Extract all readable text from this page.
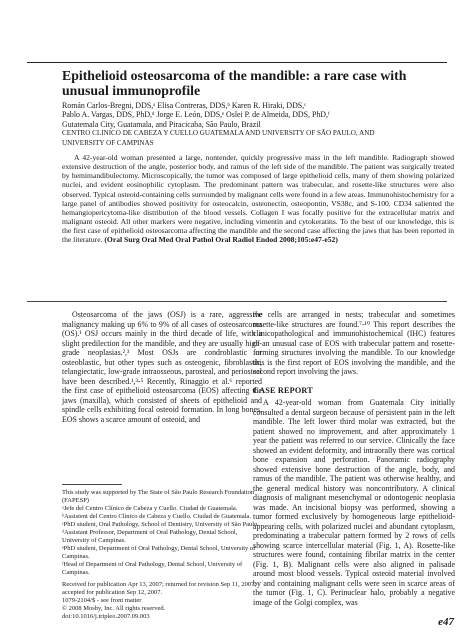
Epithelioid osteosarcoma of the mandible: a rare case with unusual immunoprofile
Román Carlos-Bregni, DDS,ᵃ Elisa Contreras, DDS,ᵇ Karen R. Hiraki, DDS,ᶜ
Pablo A. Vargas, DDS, PhD,ᵈ Jorge E. León, DDS,ᵉ Oslei P. de Almeida, DDS, PhD,ᶠ
Gutatemala City, Guatamala, and Piracicaba, São Paulo, Brazil
CENTRO CLINICO DE CABEZA Y CUELLO GUATEMALA AND UNIVERSITY OF SÃO PAULO, AND
UNIVERSITY OF CAMPINAS
A 42-year-old woman presented a large, nontender, quickly progressive mass in the left mandible. Radiograph showed extensive destruction of the angle, posterior body, and ramus of the left side of the mandible. The patient was surgically treated by hemimandibulectomy. Microscopically, the tumor was composed of large epithelioid cells, many of them showing polarized nuclei, and evident eosinophilic cytoplasm. The predominant pattern was trabecular, and rosette-like structures were also observed. Typical osteoid-containing cells surrounded by malignant cells were found in a few areas. Immunohistochemistry for a large panel of antibodies showed positivity for osteocalcin, osteonectin, osteopontin, VS38c, and S-100. CD34 saliented the hemangiopericytoma-like distribution of the blood vessels. Collagen I was focally positive for the extracellular matrix and malignant osteoid. All other markers were negative, including vimentin and cytokeratins. To the best of our knowledge, this is the first case of epithelioid osteosarcoma affecting the mandible and the second case affecting the jaws that has been reported in the literature. (Oral Surg Oral Med Oral Pathol Oral Radiol Endod 2008;105:e47-e52)

Osteosarcoma of the jaws (OSJ) is a rare, aggressive malignancy making up 6% to 9% of all cases of osteosarcoma (OS).¹ OSJ occurs mainly in the third decade of life, with a slight predilection for the mandible, and they are usually high-grade neoplasias.²,³ Most OSJs are condroblastic or osteoblastic, but other types such as osteogenic, fibroblastic, telangiectatic, low-grade intraosseous, parosteal, and periosteal have been described.¹,³-⁵ Recently, Rinaggio et al.⁶ reported the first case of epithelioid osteosarcoma (EOS) affecting the jaws (maxilla), which consisted of sheets of epithelioid and spindle cells exhibiting focal osteoid formation. In long bones, EOS shows a scarce amount of osteoid, and

This study was supported by The State of São Paulo Research Foundation (FAPESP)

ᵃJefe del Centro Clínico de Cabeza y Cuello. Ciudad de Guatemala.

ᵇAssistent del Centro Clínico de Cabeza y Cuello. Ciudad de Guatemala.

ᶜPhD student, Oral Pathology, School of Dentistry, University of São Paulo.

ᵈAssistant Professor, Department of Oral Pathology, Dental School, University of Campinas.

ᵉPhD student, Department of Oral Pathology, Dental School, University of Campinas.

ᶠHead of Department of Oral Pathology, Dental School, University of Campinas.

Received for publication Apr 13, 2007; returned for revision Sep 11, 2007; accepted for publication Sep 12, 2007.

1079-2104/$ - see front matter

© 2008 Mosby, Inc. All rights reserved.

doi:10.1016/j.tripleo.2007.09.003

the cells are arranged in nests; trabecular and sometimes rosette-like structures are found.⁷-¹⁰ This report describes the clinicopathological and immunohistochemical (IHC) features of an unusual case of EOS with trabecular pattern and rosette-forming structures involving the mandible. To our knowledge this is the first report of EOS involving the mandible, and the second report involving the jaws.

CASE REPORT

A 42-year-old woman from Guatemala City initially consulted a dental surgeon because of persistent pain in the left mandible. The left lower third molar was extracted, but the patient showed no improvement, and after approximately 1 year the patient was referred to our service. Clinically the face showed an evident deformity, and intraorally there was cortical bone expansion and perforation. Panoramic radiography showed extensive bone destruction of the angle, body, and ramus of the mandible. The patient was otherwise healthy, and the general medical history was noncontributory. A clinical diagnosis of malignant mesenchymal or odontogenic neoplasia was made. An incisional biopsy was performed, showing a tumor formed exclusively by homogeneous large epithelioid-appearing cells, with polarized nuclei and abundant cytoplasm, predominating a trabecular pattern formed by 2 rows of cells showing scarce intercellular material (Fig. 1, A). Rosette-like structures were found, containing fibrilar matrix in the center (Fig. 1, B). Malignant cells were also aligned in palisade around most blood vessels. Typical osteoid material involved by and containing malignant cells were seen in scarce areas of the tumor (Fig. 1, C). Perinuclear halo, probably a negative image of the Golgi complex, was

e47
